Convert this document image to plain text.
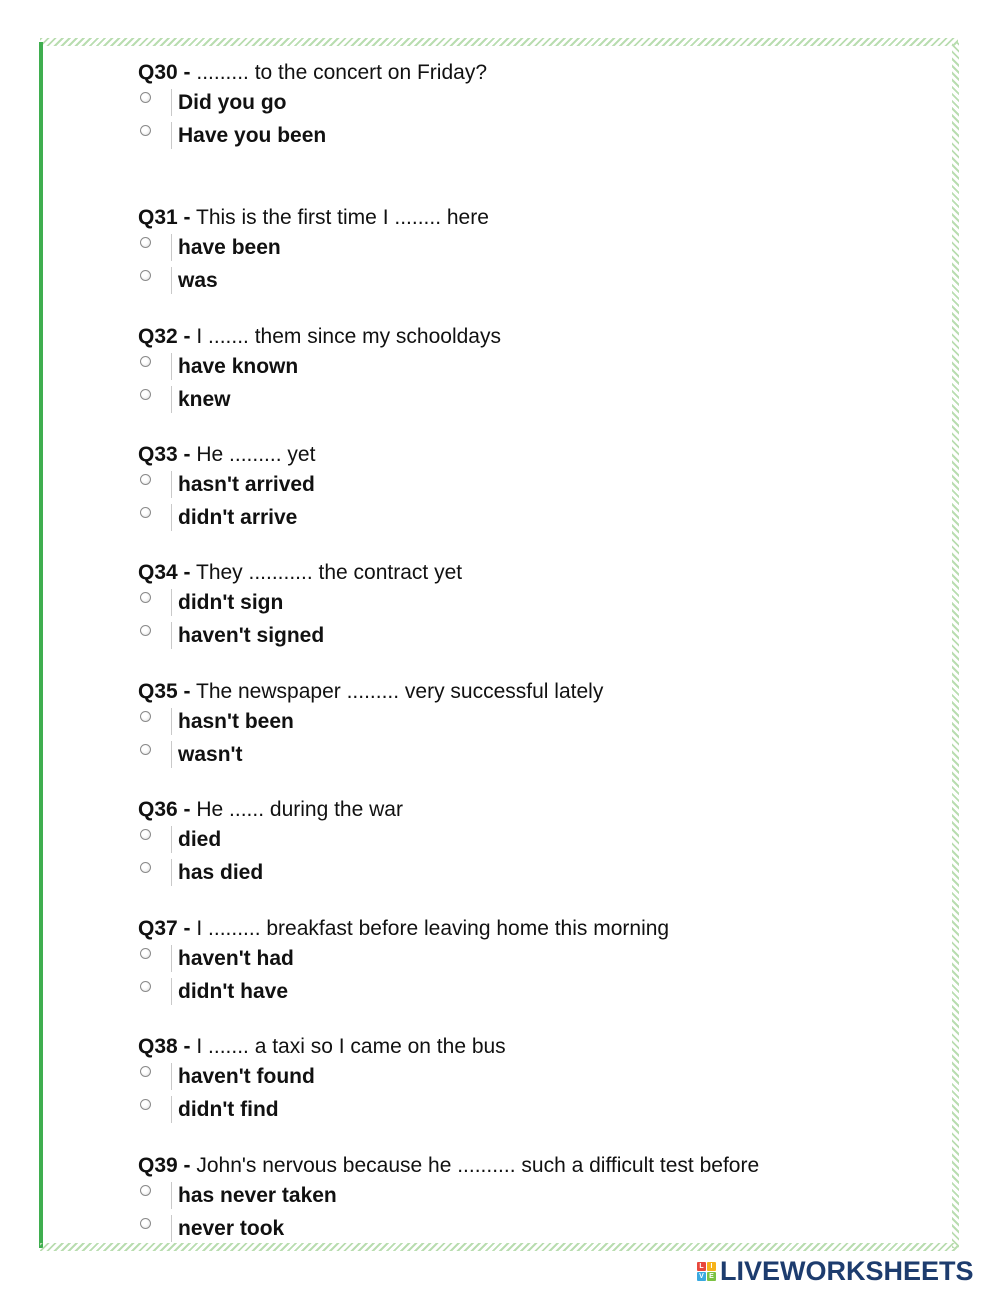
Q30 - ......... to the concert on Friday?
Did you go
Have you been
Q31 - This is the first time I ........ here
have been
was
Q32 - I ....... them since my schooldays
have known
knew
Q33 - He ......... yet
hasn't arrived
didn't arrive
Q34 - They ........... the contract yet
didn't sign
haven't signed
Q35 - The newspaper ......... very successful lately
hasn't been
wasn't
Q36 - He ...... during the war
died
has died
Q37 - I ......... breakfast before leaving home this morning
haven't had
didn't have
Q38 - I ....... a taxi so I came on the bus
haven't found
didn't find
Q39 - John's nervous because he .......... such a difficult test before
has never taken
never took
L I
V E LIVEWORKSHEETS
